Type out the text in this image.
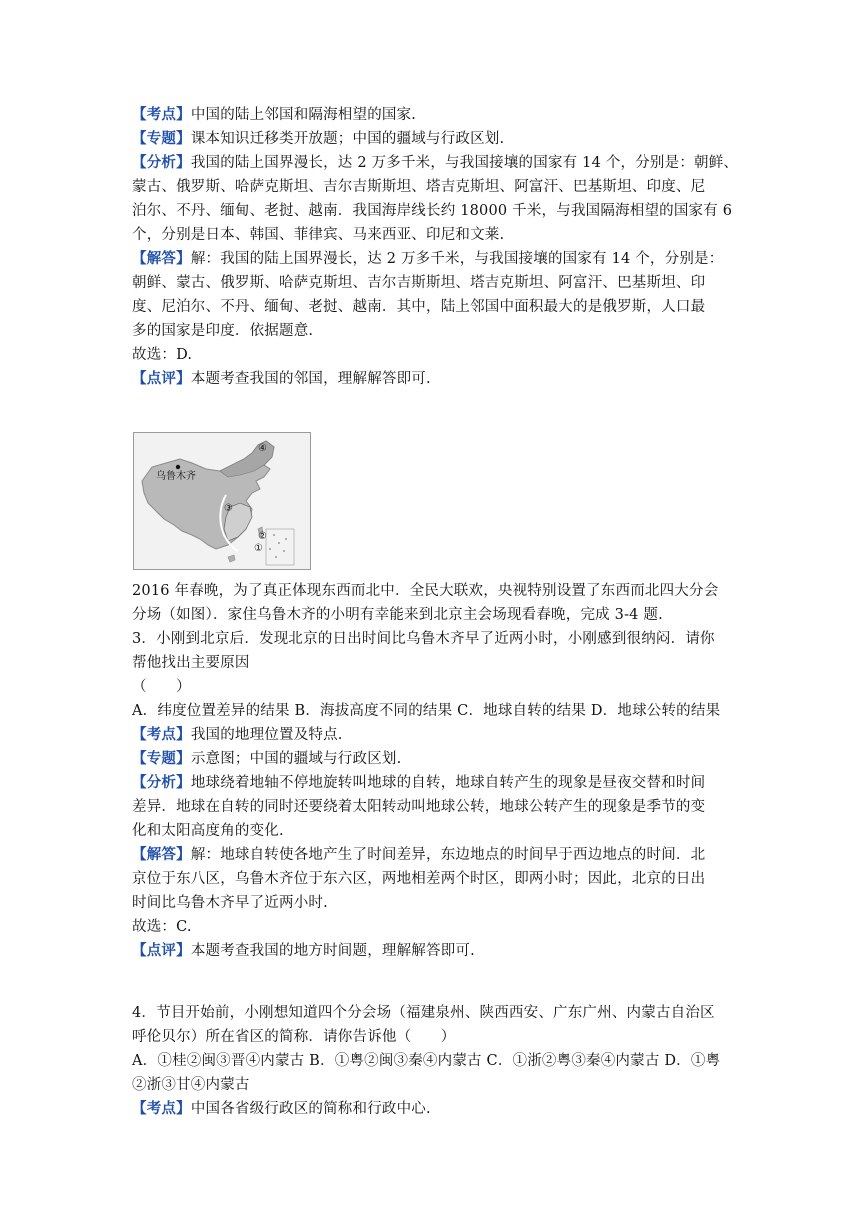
【 考点 】 中国的陆上邻国和隔海相望的国家.
【 专题 】 课本知识迁移类开放题；中国的疆域与行政区划.
【 分析 】 我国的陆上国界漫长，达 2 万多千米，与我国接壤的国家有 14 个，分别是：朝鲜、
蒙古、俄罗斯、哈萨克斯坦、吉尔吉斯斯坦、塔吉克斯坦、阿富汗、巴基斯坦、印度、尼
泊尔、不丹、缅甸、老挝、越南．我国海岸线长约 18000 千米，与我国隔海相望的国家有 6
个，分别是日本、韩国、菲律宾、马来西亚、印尼和文莱.
【 解答 】 解：我国的陆上国界漫长，达 2 万多千米，与我国接壤的国家有 14 个，分别是：
朝鲜、蒙古、俄罗斯、哈萨克斯坦、吉尔吉斯斯坦、塔吉克斯坦、阿富汗、巴基斯坦、印
度、尼泊尔、不丹、缅甸、老挝、越南．其中，陆上邻国中面积最大的是俄罗斯，人口最
多的国家是印度．依据题意.
故选：D.
【 点评 】 本题考查我国的邻国，理解解答即可.
乌鲁木齐
①
②
③
④
2016 年春晚，为了真正体现东西而北中．全民大联欢，央视特别设置了东西而北四大分会
分场（如图）．家住乌鲁木齐的小明有幸能来到北京主会场现看春晚，完成 3-4 题.
3．小刚到北京后．发现北京的日出时间比乌鲁木齐早了近两小时，小刚感到很纳闷．请你
帮他找出主要原因
（　　）
A．纬度位置差异的结果 B．海拔高度不同的结果 C．地球自转的结果 D．地球公转的结果
【 考点 】 我国的地理位置及特点.
【 专题 】 示意图；中国的疆域与行政区划.
【 分析 】 地球绕着地轴不停地旋转叫地球的自转，地球自转产生的现象是昼夜交替和时间
差异．地球在自转的同时还要绕着太阳转动叫地球公转，地球公转产生的现象是季节的变
化和太阳高度角的变化.
【 解答 】 解：地球自转使各地产生了时间差异，东边地点的时间早于西边地点的时间．北
京位于东八区，乌鲁木齐位于东六区，两地相差两个时区，即两小时；因此，北京的日出
时间比乌鲁木齐早了近两小时.
故选：C.
【 点评 】 本题考查我国的地方时间题，理解解答即可.
4．节目开始前，小刚想知道四个分会场（福建泉州、陕西西安、广东广州、内蒙古自治区
呼伦贝尔）所在省区的简称．请你告诉他（　　）
A．①桂②闽③晋④内蒙古 B．①粤②闽③秦④内蒙古 C．①浙②粤③秦④内蒙古 D．①粤
②浙③甘④内蒙古
【 考点 】 中国各省级行政区的简称和行政中心.
